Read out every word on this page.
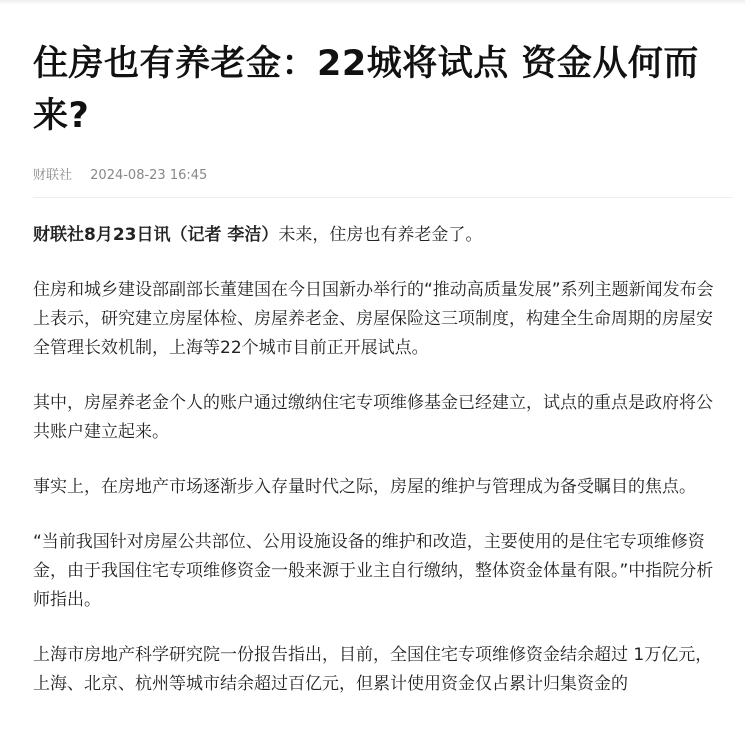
住房也有养老金：22城将试点 资金从何而来?
财联社 2024-08-23 16:45

财联社8月23日讯（记者 李洁）未来，住房也有养老金了。

住房和城乡建设部副部长董建国在今日国新办举行的“推动高质量发展”系列主题新闻发布会上表示，研究建立房屋体检、房屋养老金、房屋保险这三项制度，构建全生命周期的房屋安全管理长效机制，上海等22个城市目前正开展试点。

其中，房屋养老金个人的账户通过缴纳住宅专项维修基金已经建立，试点的重点是政府将公共账户建立起来。

事实上，在房地产市场逐渐步入存量时代之际，房屋的维护与管理成为备受瞩目的焦点。

“当前我国针对房屋公共部位、公用设施设备的维护和改造，主要使用的是住宅专项维修资金，由于我国住宅专项维修资金一般来源于业主自行缴纳，整体资金体量有限。”中指院分析师指出。

上海市房地产科学研究院一份报告指出，目前，全国住宅专项维修资金结余超过 1万亿元，上海、北京、杭州等城市结余超过百亿元，但累计使用资金仅占累计归集资金的
